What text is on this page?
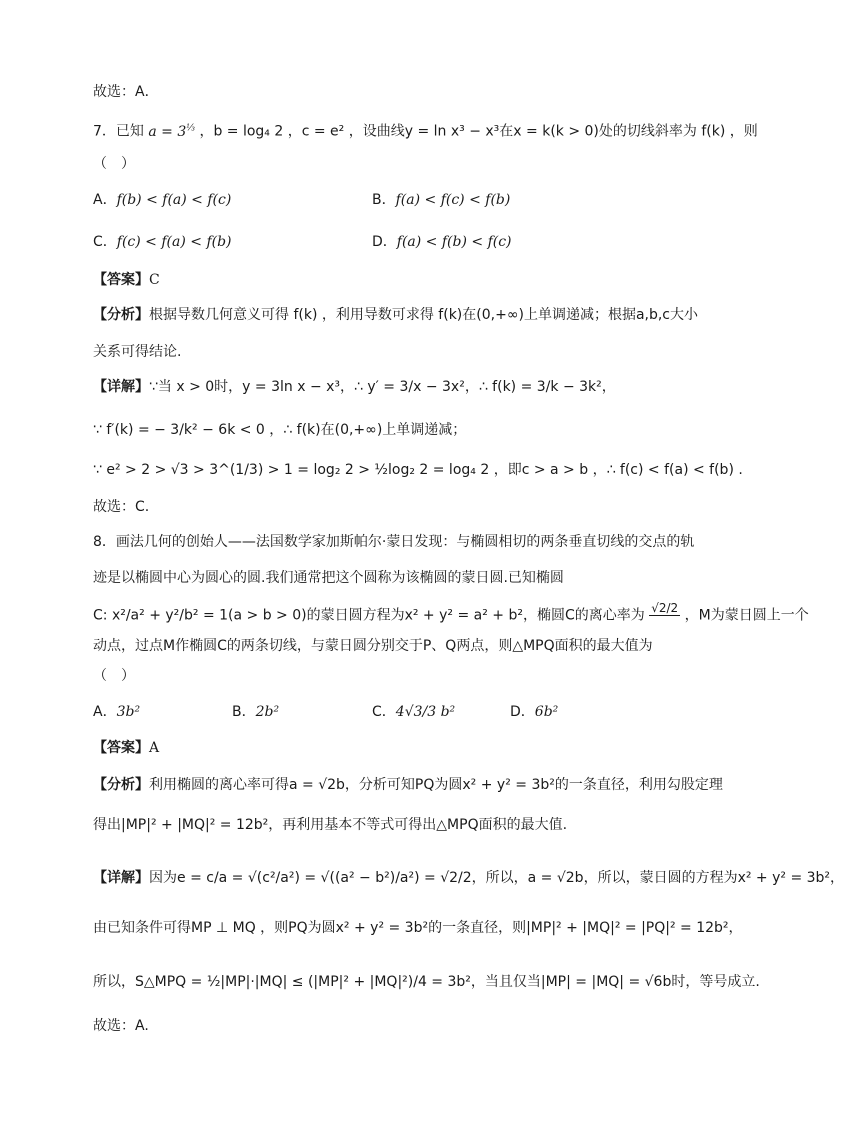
故选：A．
7．已知 $a = 3^{\frac{1}{3}}$ ，b = log₄ 2 ，c = e² ，设曲线y = ln x³ − x³在x = k(k > 0)处的切线斜率为 f(k) ，则
（　）
A．f(b) < f(a) < f(c)	B．f(a) < f(c) < f(b)
C．f(c) < f(a) < f(b)	D．f(a) < f(b) < f(c)
【答案】C
【分析】根据导数几何意义可得 f(k) ，利用导数可求得 f(k)在(0,+∞)上单调递减；根据a,b,c大小
关系可得结论.
【详解】∵当 x > 0时，y = 3ln x − x³，∴ y′ = 3/x − 3x²，∴ f(k) = 3/k − 3k²，
∵ f′(k) = − 3/k² − 6k < 0 ，∴ f(k)在(0,+∞)上单调递减；
∵ e² > 2 > √3 > 3^(1/3) > 1 = log₂ 2 > ½log₂ 2 = log₄ 2 ，即c > a > b ，∴ f(c) < f(a) < f(b) .
故选：C.
8．画法几何的创始人——法国数学家加斯帕尔·蒙日发现：与椭圆相切的两条垂直切线的交点的轨
迹是以椭圆中心为圆心的圆.我们通常把这个圆称为该椭圆的蒙日圆.已知椭圆
C: x²/a² + y²/b² = 1(a > b > 0)的蒙日圆方程为x² + y² = a² + b²，椭圆C的离心率为 √2/2
，M为蒙日圆上一个
动点，过点M作椭圆C的两条切线，与蒙日圆分别交于P、Q两点，则△MPQ面积的最大值为
（　）
A．3b²	B．2b²	C．4√3/3 b²	D．6b²
【答案】A
【分析】利用椭圆的离心率可得a = √2b，分析可知PQ为圆x² + y² = 3b²的一条直径，利用勾股定理
得出|MP|² + |MQ|² = 12b²，再利用基本不等式可得出△MPQ面积的最大值.
【详解】因为e = c/a = √(c²/a²) = √((a² − b²)/a²) = √2/2，所以，a = √2b，所以，蒙日圆的方程为x² + y² = 3b²，
由已知条件可得MP ⊥ MQ ，则PQ为圆x² + y² = 3b²的一条直径，则|MP|² + |MQ|² = |PQ|² = 12b²，
所以，S△MPQ = ½|MP|·|MQ| ≤ (|MP|² + |MQ|²)/4 = 3b²，当且仅当|MP| = |MQ| = √6b时，等号成立.
故选：A.
